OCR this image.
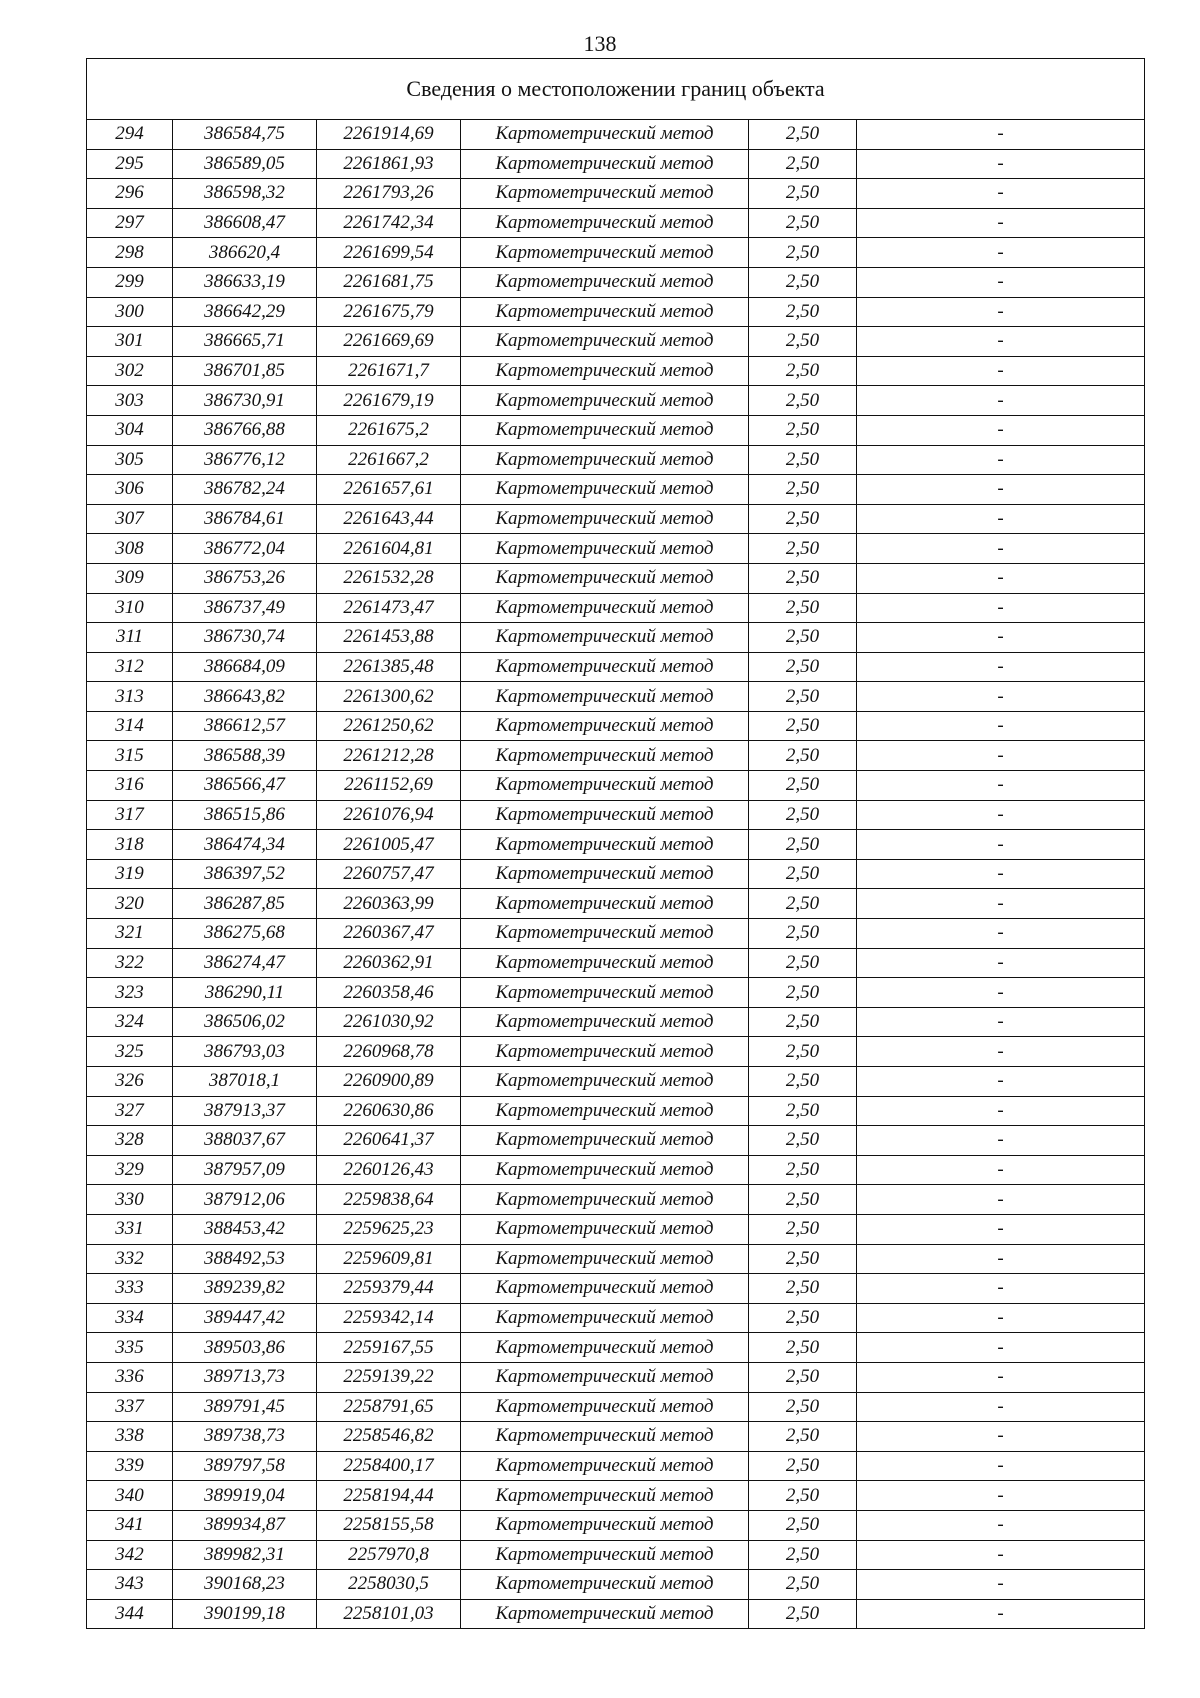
138
Сведения о местоположении границ объекта					
294	386584,75	2261914,69	Картометрический метод	2,50	-
295	386589,05	2261861,93	Картометрический метод	2,50	-
296	386598,32	2261793,26	Картометрический метод	2,50	-
297	386608,47	2261742,34	Картометрический метод	2,50	-
298	386620,4	2261699,54	Картометрический метод	2,50	-
299	386633,19	2261681,75	Картометрический метод	2,50	-
300	386642,29	2261675,79	Картометрический метод	2,50	-
301	386665,71	2261669,69	Картометрический метод	2,50	-
302	386701,85	2261671,7	Картометрический метод	2,50	-
303	386730,91	2261679,19	Картометрический метод	2,50	-
304	386766,88	2261675,2	Картометрический метод	2,50	-
305	386776,12	2261667,2	Картометрический метод	2,50	-
306	386782,24	2261657,61	Картометрический метод	2,50	-
307	386784,61	2261643,44	Картометрический метод	2,50	-
308	386772,04	2261604,81	Картометрический метод	2,50	-
309	386753,26	2261532,28	Картометрический метод	2,50	-
310	386737,49	2261473,47	Картометрический метод	2,50	-
311	386730,74	2261453,88	Картометрический метод	2,50	-
312	386684,09	2261385,48	Картометрический метод	2,50	-
313	386643,82	2261300,62	Картометрический метод	2,50	-
314	386612,57	2261250,62	Картометрический метод	2,50	-
315	386588,39	2261212,28	Картометрический метод	2,50	-
316	386566,47	2261152,69	Картометрический метод	2,50	-
317	386515,86	2261076,94	Картометрический метод	2,50	-
318	386474,34	2261005,47	Картометрический метод	2,50	-
319	386397,52	2260757,47	Картометрический метод	2,50	-
320	386287,85	2260363,99	Картометрический метод	2,50	-
321	386275,68	2260367,47	Картометрический метод	2,50	-
322	386274,47	2260362,91	Картометрический метод	2,50	-
323	386290,11	2260358,46	Картометрический метод	2,50	-
324	386506,02	2261030,92	Картометрический метод	2,50	-
325	386793,03	2260968,78	Картометрический метод	2,50	-
326	387018,1	2260900,89	Картометрический метод	2,50	-
327	387913,37	2260630,86	Картометрический метод	2,50	-
328	388037,67	2260641,37	Картометрический метод	2,50	-
329	387957,09	2260126,43	Картометрический метод	2,50	-
330	387912,06	2259838,64	Картометрический метод	2,50	-
331	388453,42	2259625,23	Картометрический метод	2,50	-
332	388492,53	2259609,81	Картометрический метод	2,50	-
333	389239,82	2259379,44	Картометрический метод	2,50	-
334	389447,42	2259342,14	Картометрический метод	2,50	-
335	389503,86	2259167,55	Картометрический метод	2,50	-
336	389713,73	2259139,22	Картометрический метод	2,50	-
337	389791,45	2258791,65	Картометрический метод	2,50	-
338	389738,73	2258546,82	Картометрический метод	2,50	-
339	389797,58	2258400,17	Картометрический метод	2,50	-
340	389919,04	2258194,44	Картометрический метод	2,50	-
341	389934,87	2258155,58	Картометрический метод	2,50	-
342	389982,31	2257970,8	Картометрический метод	2,50	-
343	390168,23	2258030,5	Картометрический метод	2,50	-
344	390199,18	2258101,03	Картометрический метод	2,50	-
